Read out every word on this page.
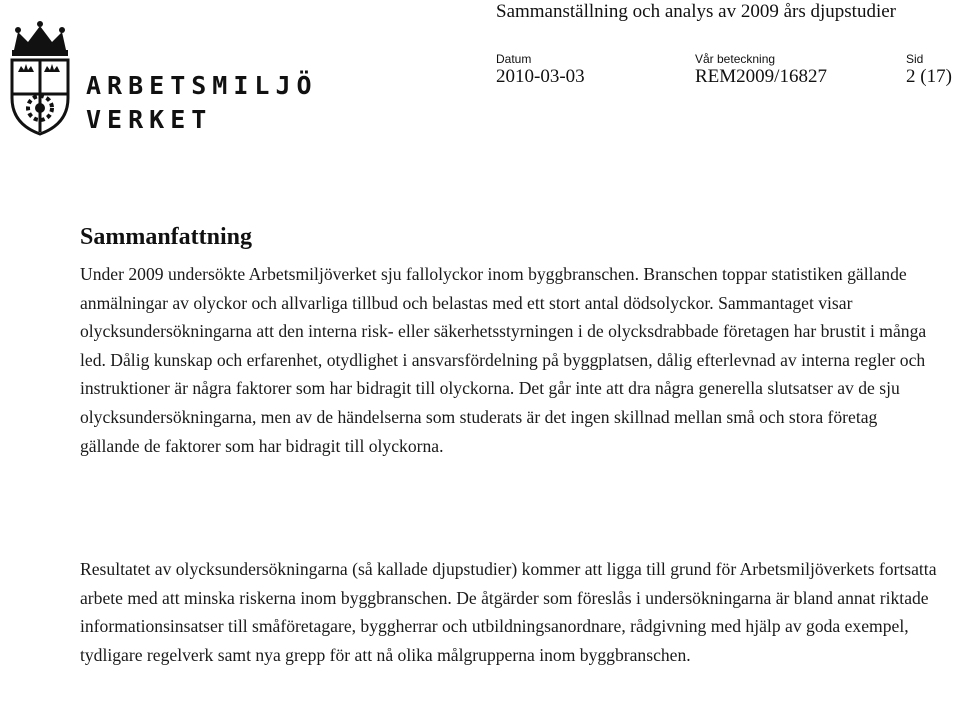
ARBETSMILJÖ
VERKET
Sammanställning och analys av 2009 års djupstudier
Datum	Vår beteckning	Sid
2010-03-03	REM2009/16827	2 (17)
Sammanfattning

Under 2009 undersökte Arbetsmiljöverket sju fallolyckor inom byggbranschen. Branschen toppar statistiken gällande anmälningar av olyckor och allvarliga tillbud och belastas med ett stort antal dödsolyckor. Sammantaget visar olycksundersökningarna att den interna risk- eller säkerhetsstyrningen i de olycksdrabbade företagen har brustit i många led. Dålig kunskap och erfarenhet, otydlighet i ansvarsfördelning på byggplatsen, dålig efterlevnad av interna regler och instruktioner är några faktorer som har bidragit till olyckorna. Det går inte att dra några generella slutsatser av de sju olycksundersökningarna, men av de händelserna som studerats är det ingen skillnad mellan små och stora företag gällande de faktorer som har bidragit till olyckorna.

Resultatet av olycksundersökningarna (så kallade djupstudier) kommer att ligga till grund för Arbetsmiljöverkets fortsatta arbete med att minska riskerna inom byggbranschen. De åtgärder som föreslås i undersökningarna är bland annat riktade informationsinsatser till småföretagare, byggherrar och utbildningsanordnare, rådgivning med hjälp av goda exempel, tydligare regelverk samt nya grepp för att nå olika målgrupperna inom byggbranschen.
